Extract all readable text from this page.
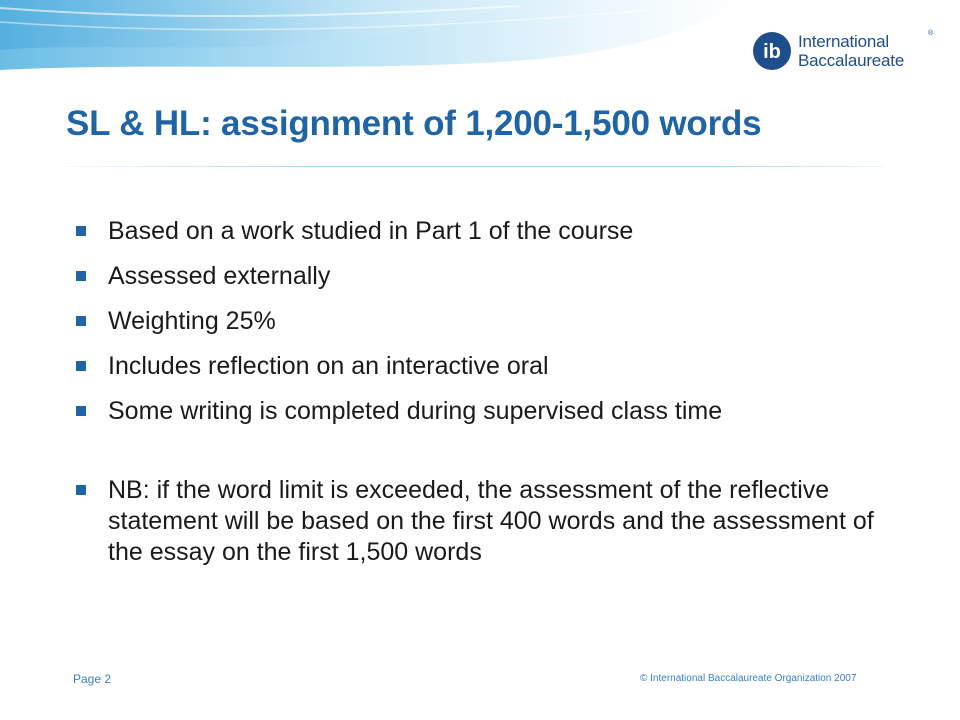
ib International
Baccalaureate
®
SL & HL: assignment of 1,200-1,500 words
Based on a work studied in Part 1 of the course
Assessed externally
Weighting 25%
Includes reflection on an interactive oral
Some writing is completed during supervised class time
NB: if the word limit is exceeded, the assessment of the reflective statement will be based on the first 400 words and the assessment of the essay on the first 1,500 words
Page 2	© International Baccalaureate Organization 2007
